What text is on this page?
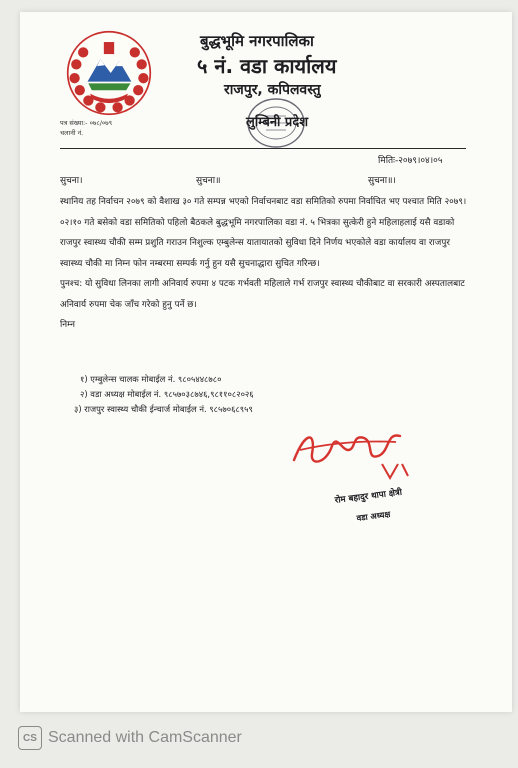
बुद्धभूमि नगरपालिका
५ नं. वडा कार्यालय
राजपुर, कपिलवस्तु
लुम्बिनी प्रदेश
पत्र संख्या:- ०७८/०७९
चलानी नं.
मितिः-२०७९।०४।०५
सुचना।	सुचना॥	सुचना॥।

स्थानिय तह निर्वाचन २०७९ को वैशाख ३० गते सम्पन्न भएको निर्वाचनबाट वडा समितिको रुपमा निर्वाचित भए पश्चात मिति २०७९।०२।१० गते बसेको वडा समितिको पहिलो बैठकले बुद्धभूमि नगरपालिका वडा नं. ५ भित्रका सुत्केरी हुने महिलाहलाई यसै वडाको राजपुर स्वास्थ्य चौकी सम्म प्रशुति गराउन निशुल्क एम्बुलेन्स यातायातको सुविधा दिने निर्णय भएकोले वडा कार्यालय वा राजपुर स्वास्थ्य चौकी मा निम्न फोन नम्बरमा सम्पर्क गर्नु हुन यसै सुचनाद्धारा सुचित गरिन्छ।

पुनश्च: यो सुविधा लिनका लागी अनिवार्य रुपमा ४ पटक गर्भवती महिलाले गर्भ राजपुर स्वास्थ्य चौकीबाट वा सरकारी अस्पतालबाट अनिवार्य रुपमा चेक जाँच गरेको हुनु पर्ने छ।

निम्न

१) एम्बुलेन्स चालक मोबाईल नं. ९८०५४४८७८०
२) वडा अध्यक्ष मोबाईल नं. ९८५७०३८७४६,९८११०८२०२६
३) राजपुर स्वास्थ्य चौकी ईन्चार्ज मोबाईल नं. ९८५७०६८९५९
रोम बहादुर थापा क्षेत्री
वडा अध्यक्ष
CS Scanned with CamScanner
